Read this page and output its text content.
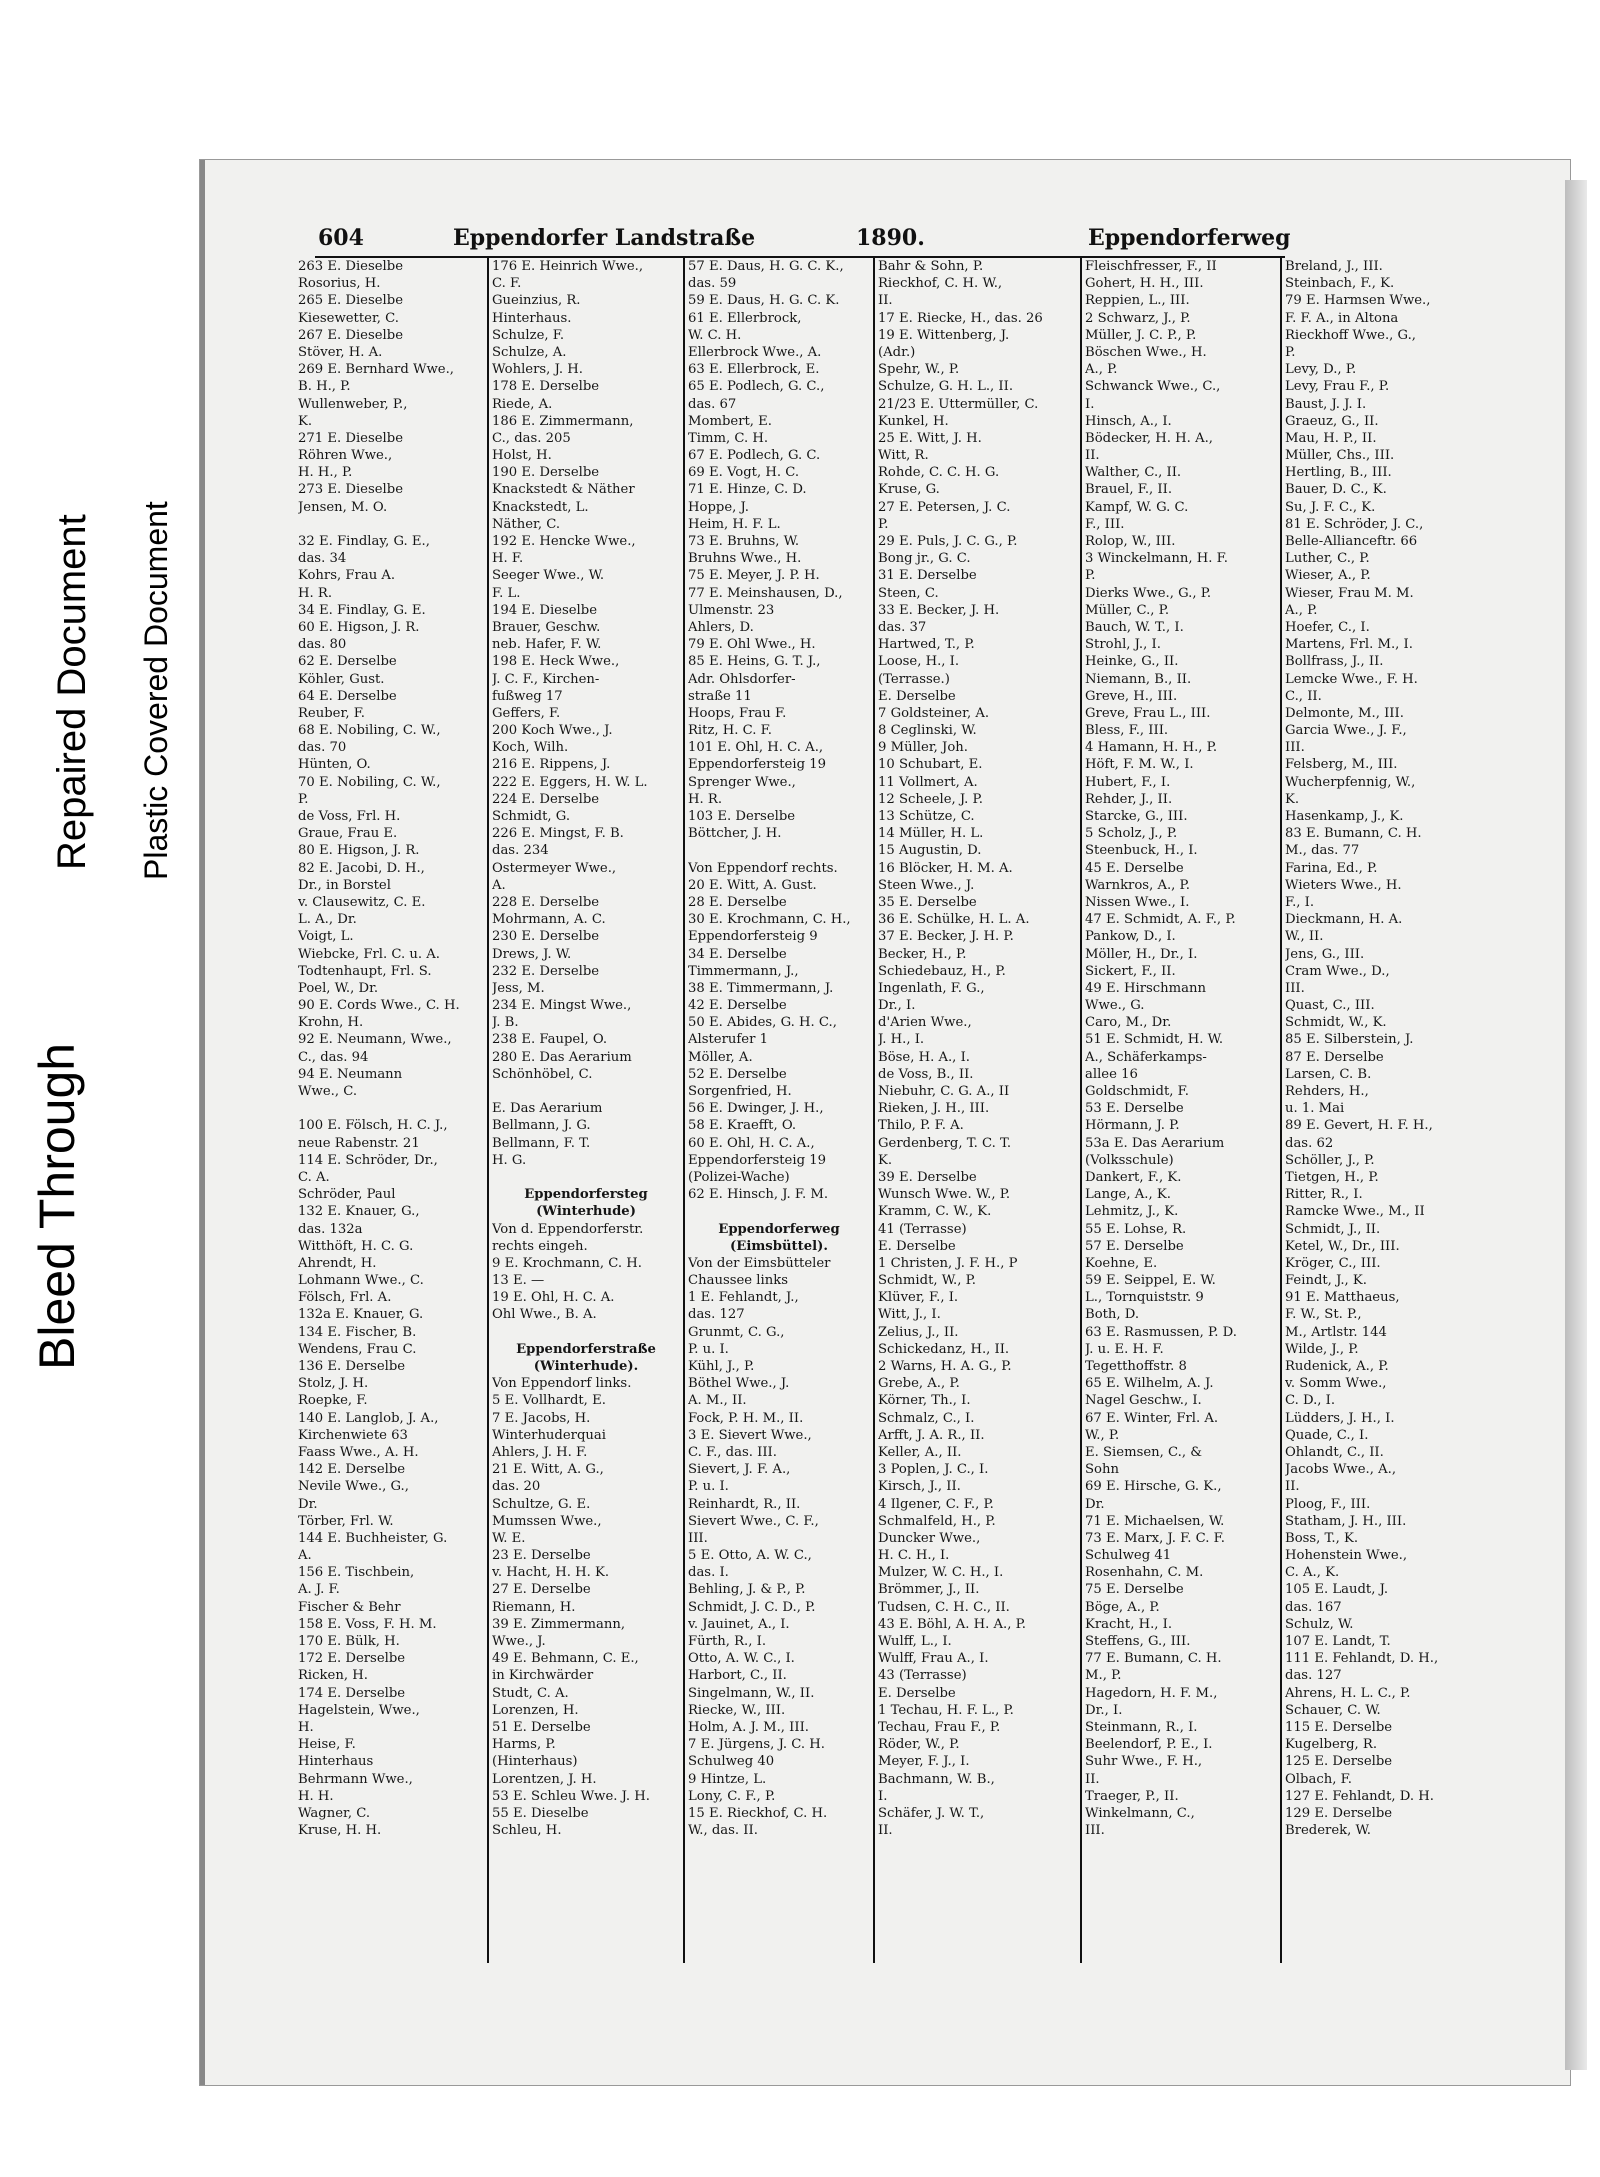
Bleed Through
Repaired Document Plastic Covered Document
604	Eppendorfer Landstraße	1890.	Eppendorferweg
263 E. Dieselbe
Rosorius, H.
265 E. Dieselbe
Kiesewetter, C.
267 E. Dieselbe
Stöver, H. A.
269 E. Bernhard Wwe.,
B. H., P.
Wullenweber, P.,
K.
271 E. Dieselbe
Röhren Wwe.,
H. H., P.
273 E. Dieselbe
Jensen, M. O.
32 E. Findlay, G. E.,
das. 34
Kohrs, Frau A.
H. R.
34 E. Findlay, G. E.
60 E. Higson, J. R.
das. 80
62 E. Derselbe
Köhler, Gust.
64 E. Derselbe
Reuber, F.
68 E. Nobiling, C. W.,
das. 70
Hünten, O.
70 E. Nobiling, C. W.,
P.
de Voss, Frl. H.
Graue, Frau E.
80 E. Higson, J. R.
82 E. Jacobi, D. H.,
Dr., in Borstel
v. Clausewitz, C. E.
L. A., Dr.
Voigt, L.
Wiebcke, Frl. C. u. A.
Todtenhaupt, Frl. S.
Poel, W., Dr.
90 E. Cords Wwe., C. H.
Krohn, H.
92 E. Neumann, Wwe.,
C., das. 94
94 E. Neumann
Wwe., C.
100 E. Fölsch, H. C. J.,
neue Rabenstr. 21
114 E. Schröder, Dr.,
C. A.
Schröder, Paul
132 E. Knauer, G.,
das. 132a
Witthöft, H. C. G.
Ahrendt, H.
Lohmann Wwe., C.
Fölsch, Frl. A.
132a E. Knauer, G.
134 E. Fischer, B.
Wendens, Frau C.
136 E. Derselbe
Stolz, J. H.
Roepke, F.
140 E. Langlob, J. A.,
Kirchenwiete 63
Faass Wwe., A. H.
142 E. Derselbe
Nevile Wwe., G.,
Dr.
Törber, Frl. W.
144 E. Buchheister, G.
A.
156 E. Tischbein,
A. J. F.
Fischer & Behr
158 E. Voss, F. H. M.
170 E. Bülk, H.
172 E. Derselbe
Ricken, H.
174 E. Derselbe
Hagelstein, Wwe.,
H.
Heise, F.
Hinterhaus
Behrmann Wwe.,
H. H.
Wagner, C.
Kruse, H. H.
176 E. Heinrich Wwe.,
C. F.
Gueinzius, R.
Hinterhaus.
Schulze, F.
Schulze, A.
Wohlers, J. H.
178 E. Derselbe
Riede, A.
186 E. Zimmermann,
C., das. 205
Holst, H.
190 E. Derselbe
Knackstedt & Näther
Knackstedt, L.
Näther, C.
192 E. Hencke Wwe.,
H. F.
Seeger Wwe., W.
F. L.
194 E. Dieselbe
Brauer, Geschw.
neb. Hafer, F. W.
198 E. Heck Wwe.,
J. C. F., Kirchen-
fußweg 17
Geffers, F.
200 Koch Wwe., J.
Koch, Wilh.
216 E. Rippens, J.
222 E. Eggers, H. W. L.
224 E. Derselbe
Schmidt, G.
226 E. Mingst, F. B.
das. 234
Ostermeyer Wwe.,
A.
228 E. Derselbe
Mohrmann, A. C.
230 E. Derselbe
Drews, J. W.
232 E. Derselbe
Jess, M.
234 E. Mingst Wwe.,
J. B.
238 E. Faupel, O.
280 E. Das Aerarium
Schönhöbel, C.
E. Das Aerarium
Bellmann, J. G.
Bellmann, F. T.
H. G.
Eppendorfersteg
(Winterhude)
Von d. Eppendorferstr.
rechts eingeh.
9 E. Krochmann, C. H.
13 E. —
19 E. Ohl, H. C. A.
Ohl Wwe., B. A.
Eppendorferstraße
(Winterhude).
Von Eppendorf links.
5 E. Vollhardt, E.
7 E. Jacobs, H.
Winterhuderquai
Ahlers, J. H. F.
21 E. Witt, A. G.,
das. 20
Schultze, G. E.
Mumssen Wwe.,
W. E.
23 E. Derselbe
v. Hacht, H. H. K.
27 E. Derselbe
Riemann, H.
39 E. Zimmermann,
Wwe., J.
49 E. Behmann, C. E.,
in Kirchwärder
Studt, C. A.
Lorenzen, H.
51 E. Derselbe
Harms, P.
(Hinterhaus)
Lorentzen, J. H.
53 E. Schleu Wwe. J. H.
55 E. Dieselbe
Schleu, H.
57 E. Daus, H. G. C. K.,
das. 59
59 E. Daus, H. G. C. K.
61 E. Ellerbrock,
W. C. H.
Ellerbrock Wwe., A.
63 E. Ellerbrock, E.
65 E. Podlech, G. C.,
das. 67
Mombert, E.
Timm, C. H.
67 E. Podlech, G. C.
69 E. Vogt, H. C.
71 E. Hinze, C. D.
Hoppe, J.
Heim, H. F. L.
73 E. Bruhns, W.
Bruhns Wwe., H.
75 E. Meyer, J. P. H.
77 E. Meinshausen, D.,
Ulmenstr. 23
Ahlers, D.
79 E. Ohl Wwe., H.
85 E. Heins, G. T. J.,
Adr. Ohlsdorfer-
straße 11
Hoops, Frau F.
Ritz, H. C. F.
101 E. Ohl, H. C. A.,
Eppendorfersteig 19
Sprenger Wwe.,
H. R.
103 E. Derselbe
Böttcher, J. H.
Von Eppendorf rechts.
20 E. Witt, A. Gust.
28 E. Derselbe
30 E. Krochmann, C. H.,
Eppendorfersteig 9
34 E. Derselbe
Timmermann, J.,
38 E. Timmermann, J.
42 E. Derselbe
50 E. Abides, G. H. C.,
Alsterufer 1
Möller, A.
52 E. Derselbe
Sorgenfried, H.
56 E. Dwinger, J. H.,
58 E. Kraefft, O.
60 E. Ohl, H. C. A.,
Eppendorfersteig 19
(Polizei-Wache)
62 E. Hinsch, J. F. M.
Eppendorferweg
(Eimsbüttel).
Von der Eimsbütteler
Chaussee links
1 E. Fehlandt, J.,
das. 127
Grunmt, C. G.,
P. u. I.
Kühl, J., P.
Böthel Wwe., J.
A. M., II.
Fock, P. H. M., II.
3 E. Sievert Wwe.,
C. F., das. III.
Sievert, J. F. A.,
P. u. I.
Reinhardt, R., II.
Sievert Wwe., C. F.,
III.
5 E. Otto, A. W. C.,
das. I.
Behling, J. & P., P.
Schmidt, J. C. D., P.
v. Jauinet, A., I.
Fürth, R., I.
Otto, A. W. C., I.
Harbort, C., II.
Singelmann, W., II.
Riecke, W., III.
Holm, A. J. M., III.
7 E. Jürgens, J. C. H.
Schulweg 40
9 Hintze, L.
Lony, C. F., P.
15 E. Rieckhof, C. H.
W., das. II.
Bahr & Sohn, P.
Rieckhof, C. H. W.,
II.
17 E. Riecke, H., das. 26
19 E. Wittenberg, J.
(Adr.)
Spehr, W., P.
Schulze, G. H. L., II.
21/23 E. Uttermüller, C.
Kunkel, H.
25 E. Witt, J. H.
Witt, R.
Rohde, C. C. H. G.
Kruse, G.
27 E. Petersen, J. C.
P.
29 E. Puls, J. C. G., P.
Bong jr., G. C.
31 E. Derselbe
Steen, C.
33 E. Becker, J. H.
das. 37
Hartwed, T., P.
Loose, H., I.
(Terrasse.)
E. Derselbe
7 Goldsteiner, A.
8 Ceglinski, W.
9 Müller, Joh.
10 Schubart, E.
11 Vollmert, A.
12 Scheele, J. P.
13 Schütze, C.
14 Müller, H. L.
15 Augustin, D.
16 Blöcker, H. M. A.
Steen Wwe., J.
35 E. Derselbe
36 E. Schülke, H. L. A.
37 E. Becker, J. H. P.
Becker, H., P.
Schiedebauz, H., P.
Ingenlath, F. G.,
Dr., I.
d'Arien Wwe.,
J. H., I.
Böse, H. A., I.
de Voss, B., II.
Niebuhr, C. G. A., II
Rieken, J. H., III.
Thilo, P. F. A.
Gerdenberg, T. C. T.
K.
39 E. Derselbe
Wunsch Wwe. W., P.
Kramm, C. W., K.
41 (Terrasse)
E. Derselbe
1 Christen, J. F. H., P
Schmidt, W., P.
Klüver, F., I.
Witt, J., I.
Zelius, J., II.
Schickedanz, H., II.
2 Warns, H. A. G., P.
Grebe, A., P.
Körner, Th., I.
Schmalz, C., I.
Arfft, J. A. R., II.
Keller, A., II.
3 Poplen, J. C., I.
Kirsch, J., II.
4 Ilgener, C. F., P.
Schmalfeld, H., P.
Duncker Wwe.,
H. C. H., I.
Mulzer, W. C. H., I.
Brömmer, J., II.
Tudsen, C. H. C., II.
43 E. Böhl, A. H. A., P.
Wulff, L., I.
Wulff, Frau A., I.
43 (Terrasse)
E. Derselbe
1 Techau, H. F. L., P.
Techau, Frau F., P.
Röder, W., P.
Meyer, F. J., I.
Bachmann, W. B.,
I.
Schäfer, J. W. T.,
II.
Fleischfresser, F., II
Gohert, H. H., III.
Reppien, L., III.
2 Schwarz, J., P.
Müller, J. C. P., P.
Böschen Wwe., H.
A., P.
Schwanck Wwe., C.,
I.
Hinsch, A., I.
Bödecker, H. H. A.,
II.
Walther, C., II.
Brauel, F., II.
Kampf, W. G. C.
F., III.
Rolop, W., III.
3 Winckelmann, H. F.
P.
Dierks Wwe., G., P.
Müller, C., P.
Bauch, W. T., I.
Strohl, J., I.
Heinke, G., II.
Niemann, B., II.
Greve, H., III.
Greve, Frau L., III.
Bless, F., III.
4 Hamann, H. H., P.
Höft, F. M. W., I.
Hubert, F., I.
Rehder, J., II.
Starcke, G., III.
5 Scholz, J., P.
Steenbuck, H., I.
45 E. Derselbe
Warnkros, A., P.
Nissen Wwe., I.
47 E. Schmidt, A. F., P.
Pankow, D., I.
Möller, H., Dr., I.
Sickert, F., II.
49 E. Hirschmann
Wwe., G.
Caro, M., Dr.
51 E. Schmidt, H. W.
A., Schäferkamps-
allee 16
Goldschmidt, F.
53 E. Derselbe
Hörmann, J. P.
53a E. Das Aerarium
(Volksschule)
Dankert, F., K.
Lange, A., K.
Lehmitz, J., K.
55 E. Lohse, R.
57 E. Derselbe
Koehne, E.
59 E. Seippel, E. W.
L., Tornquiststr. 9
Both, D.
63 E. Rasmussen, P. D.
J. u. E. H. F.
Tegetthoffstr. 8
65 E. Wilhelm, A. J.
Nagel Geschw., I.
67 E. Winter, Frl. A.
W., P.
E. Siemsen, C., &
Sohn
69 E. Hirsche, G. K.,
Dr.
71 E. Michaelsen, W.
73 E. Marx, J. F. C. F.
Schulweg 41
Rosenhahn, C. M.
75 E. Derselbe
Böge, A., P.
Kracht, H., I.
Steffens, G., III.
77 E. Bumann, C. H.
M., P.
Hagedorn, H. F. M.,
Dr., I.
Steinmann, R., I.
Beelendorf, P. E., I.
Suhr Wwe., F. H.,
II.
Traeger, P., II.
Winkelmann, C.,
III.
Breland, J., III.
Steinbach, F., K.
79 E. Harmsen Wwe.,
F. F. A., in Altona
Rieckhoff Wwe., G.,
P.
Levy, D., P.
Levy, Frau F., P.
Baust, J. J. I.
Graeuz, G., II.
Mau, H. P., II.
Müller, Chs., III.
Hertling, B., III.
Bauer, D. C., K.
Su, J. F. C., K.
81 E. Schröder, J. C.,
Belle-Allianceftr. 66
Luther, C., P.
Wieser, A., P.
Wieser, Frau M. M.
A., P.
Hoefer, C., I.
Martens, Frl. M., I.
Bollfrass, J., II.
Lemcke Wwe., F. H.
C., II.
Delmonte, M., III.
Garcia Wwe., J. F.,
III.
Felsberg, M., III.
Wucherpfennig, W.,
K.
Hasenkamp, J., K.
83 E. Bumann, C. H.
M., das. 77
Farina, Ed., P.
Wieters Wwe., H.
F., I.
Dieckmann, H. A.
W., II.
Jens, G., III.
Cram Wwe., D.,
III.
Quast, C., III.
Schmidt, W., K.
85 E. Silberstein, J.
87 E. Derselbe
Larsen, C. B.
Rehders, H.,
u. 1. Mai
89 E. Gevert, H. F. H.,
das. 62
Schöller, J., P.
Tietgen, H., P.
Ritter, R., I.
Ramcke Wwe., M., II
Schmidt, J., II.
Ketel, W., Dr., III.
Kröger, C., III.
Feindt, J., K.
91 E. Matthaeus,
F. W., St. P.,
M., Artlstr. 144
Wilde, J., P.
Rudenick, A., P.
v. Somm Wwe.,
C. D., I.
Lüdders, J. H., I.
Quade, C., I.
Ohlandt, C., II.
Jacobs Wwe., A.,
II.
Ploog, F., III.
Statham, J. H., III.
Boss, T., K.
Hohenstein Wwe.,
C. A., K.
105 E. Laudt, J.
das. 167
Schulz, W.
107 E. Landt, T.
111 E. Fehlandt, D. H.,
das. 127
Ahrens, H. L. C., P.
Schauer, C. W.
115 E. Derselbe
Kugelberg, R.
125 E. Derselbe
Olbach, F.
127 E. Fehlandt, D. H.
129 E. Derselbe
Brederek, W.
